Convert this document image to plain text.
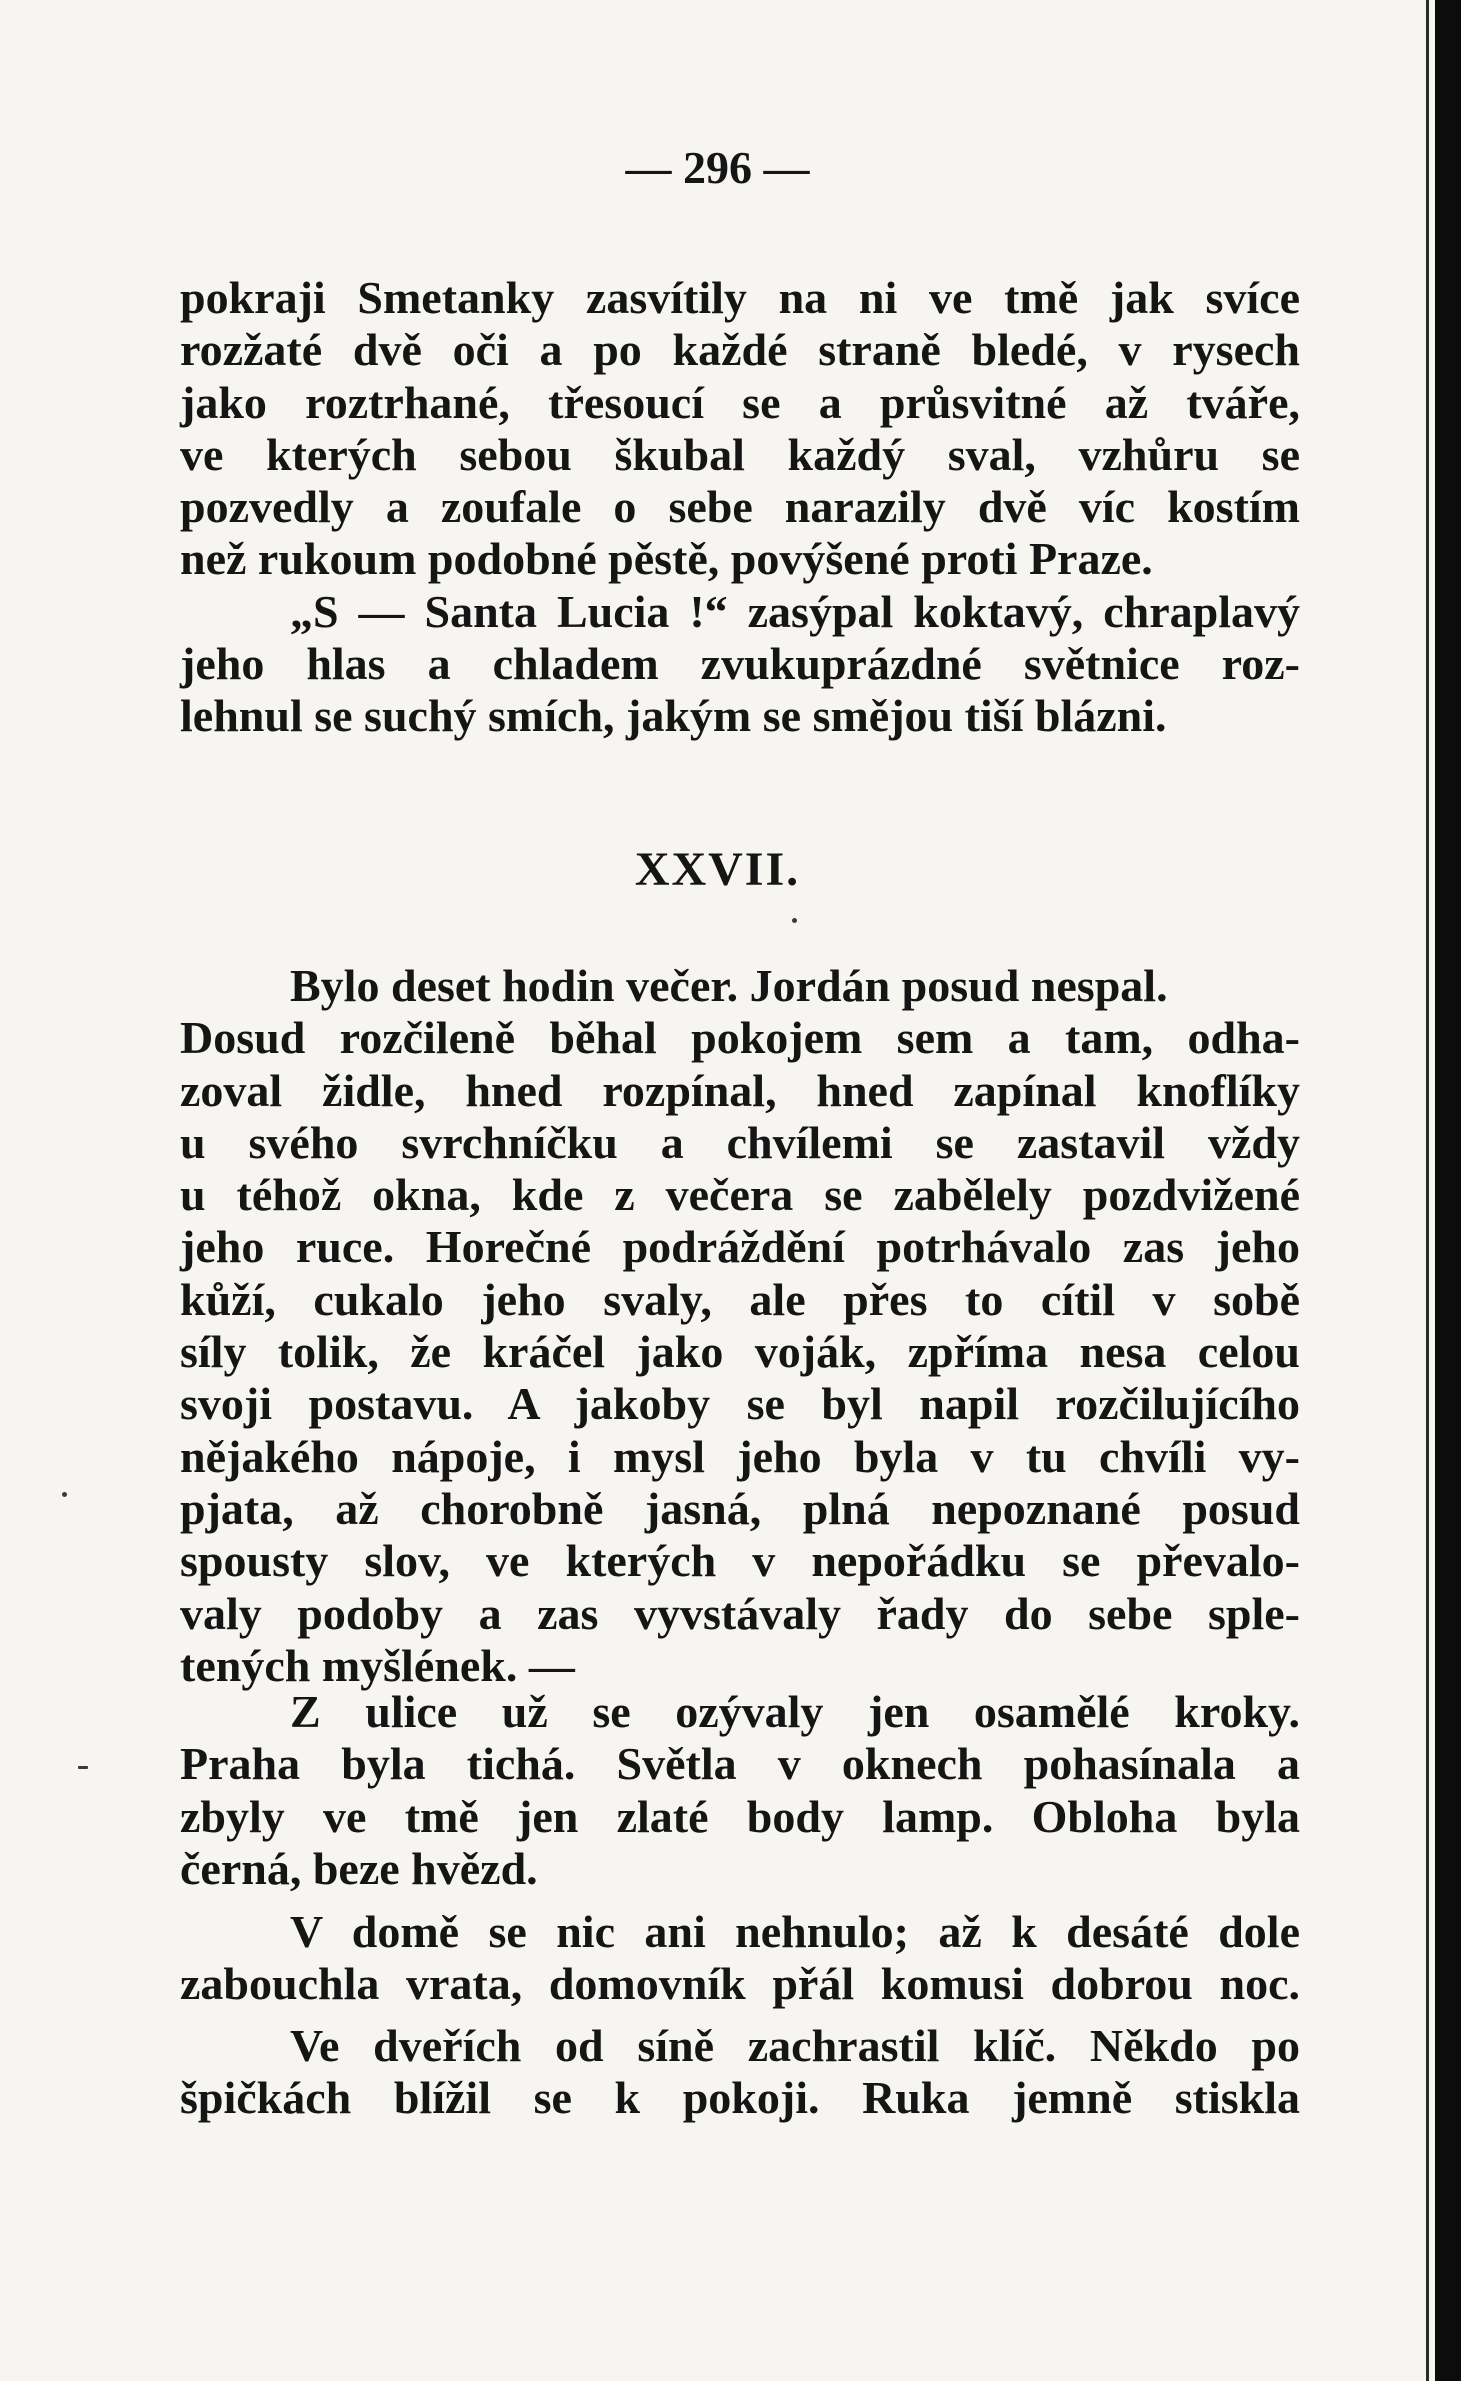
— 296 —
pokraji Smetanky zasvítily na ni ve tmě jak svíce
rozžaté dvě oči a po každé straně bledé, v rysech
jako roztrhané, třesoucí se a průsvitné až tváře,
ve kterých sebou škubal každý sval, vzhůru se
pozvedly a zoufale o sebe narazily dvě víc kostím
než rukoum podobné pěstě, povýšené proti Praze.
„S — Santa Lucia !“ zasýpal koktavý, chraplavý
jeho hlas a chladem zvukuprázdné světnice roz-
lehnul se suchý smích, jakým se smějou tiší blázni.
XXVII.
Bylo deset hodin večer. Jordán posud nespal.
Dosud rozčileně běhal pokojem sem a tam, odha-
zoval židle, hned rozpínal, hned zapínal knoflíky
u svého svrchníčku a chvílemi se zastavil vždy
u téhož okna, kde z večera se zabělely pozdvižené
jeho ruce. Horečné podráždění potrhávalo zas jeho
kůží, cukalo jeho svaly, ale přes to cítil v sobě
síly tolik, že kráčel jako voják, zpříma nesa celou
svoji postavu. A jakoby se byl napil rozčilujícího
nějakého nápoje, i mysl jeho byla v tu chvíli vy-
pjata, až chorobně jasná, plná nepoznané posud
spousty slov, ve kterých v nepořádku se převalo-
valy podoby a zas vyvstávaly řady do sebe sple-
tených myšlének. —
Z ulice už se ozývaly jen osamělé kroky.
Praha byla tichá. Světla v oknech pohasínala a
zbyly ve tmě jen zlaté body lamp. Obloha byla
černá, beze hvězd.
V domě se nic ani nehnulo; až k desáté dole
zabouchla vrata, domovník přál komusi dobrou noc.
Ve dveřích od síně zachrastil klíč. Někdo po
špičkách blížil se k pokoji. Ruka jemně stiskla
